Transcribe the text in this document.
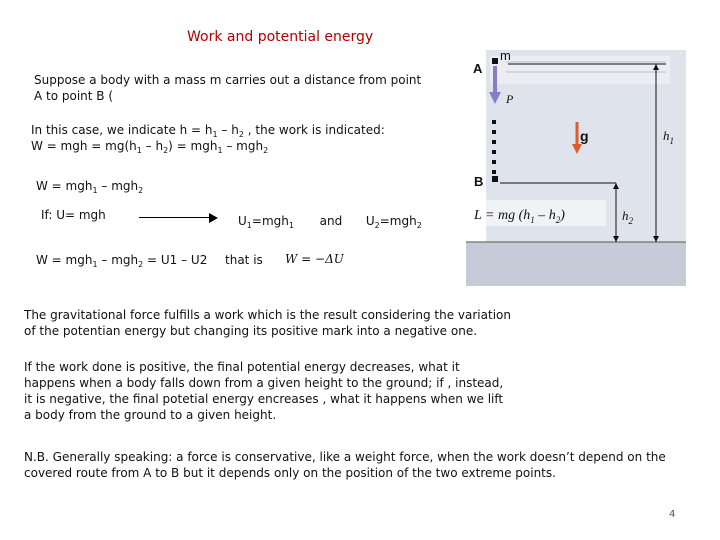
Work and potential energy
Suppose a body with a mass m carries out a distance from point
A to point B (
In this case, we indicate $h = h_1 - h_2$ , the work is indicated:
W = mgh = $mg(h_1 - h_2) = mgh_1 - mgh_2$
W = mgh$_1$ – mgh$_2$
If: U= mgh	$U_1=mgh_1$ and $U_2=mgh_2$
W = mgh$_1$ – mgh$_2$ = U1 – U2 that is W = −ΔU
The gravitational force fulfills a work which is the result considering the variation of the potentian energy but changing its positive mark into a negative one.
If the work done is positive, the final potential energy decreases, what it happens when a body falls down from a given height to the ground; if , instead, it is negative, the final potetial energy encreases , what it happens when we lift a body from the ground to a given height.
N.B. Generally speaking: a force is conservative, like a weight force, when the work doesn’t depend on the covered route from A to B but it depends only on the position of the two extreme points.
4
m
A
P
g
B
$h_1$
$h_2$
L = mg $(h_1 - h_2)$
